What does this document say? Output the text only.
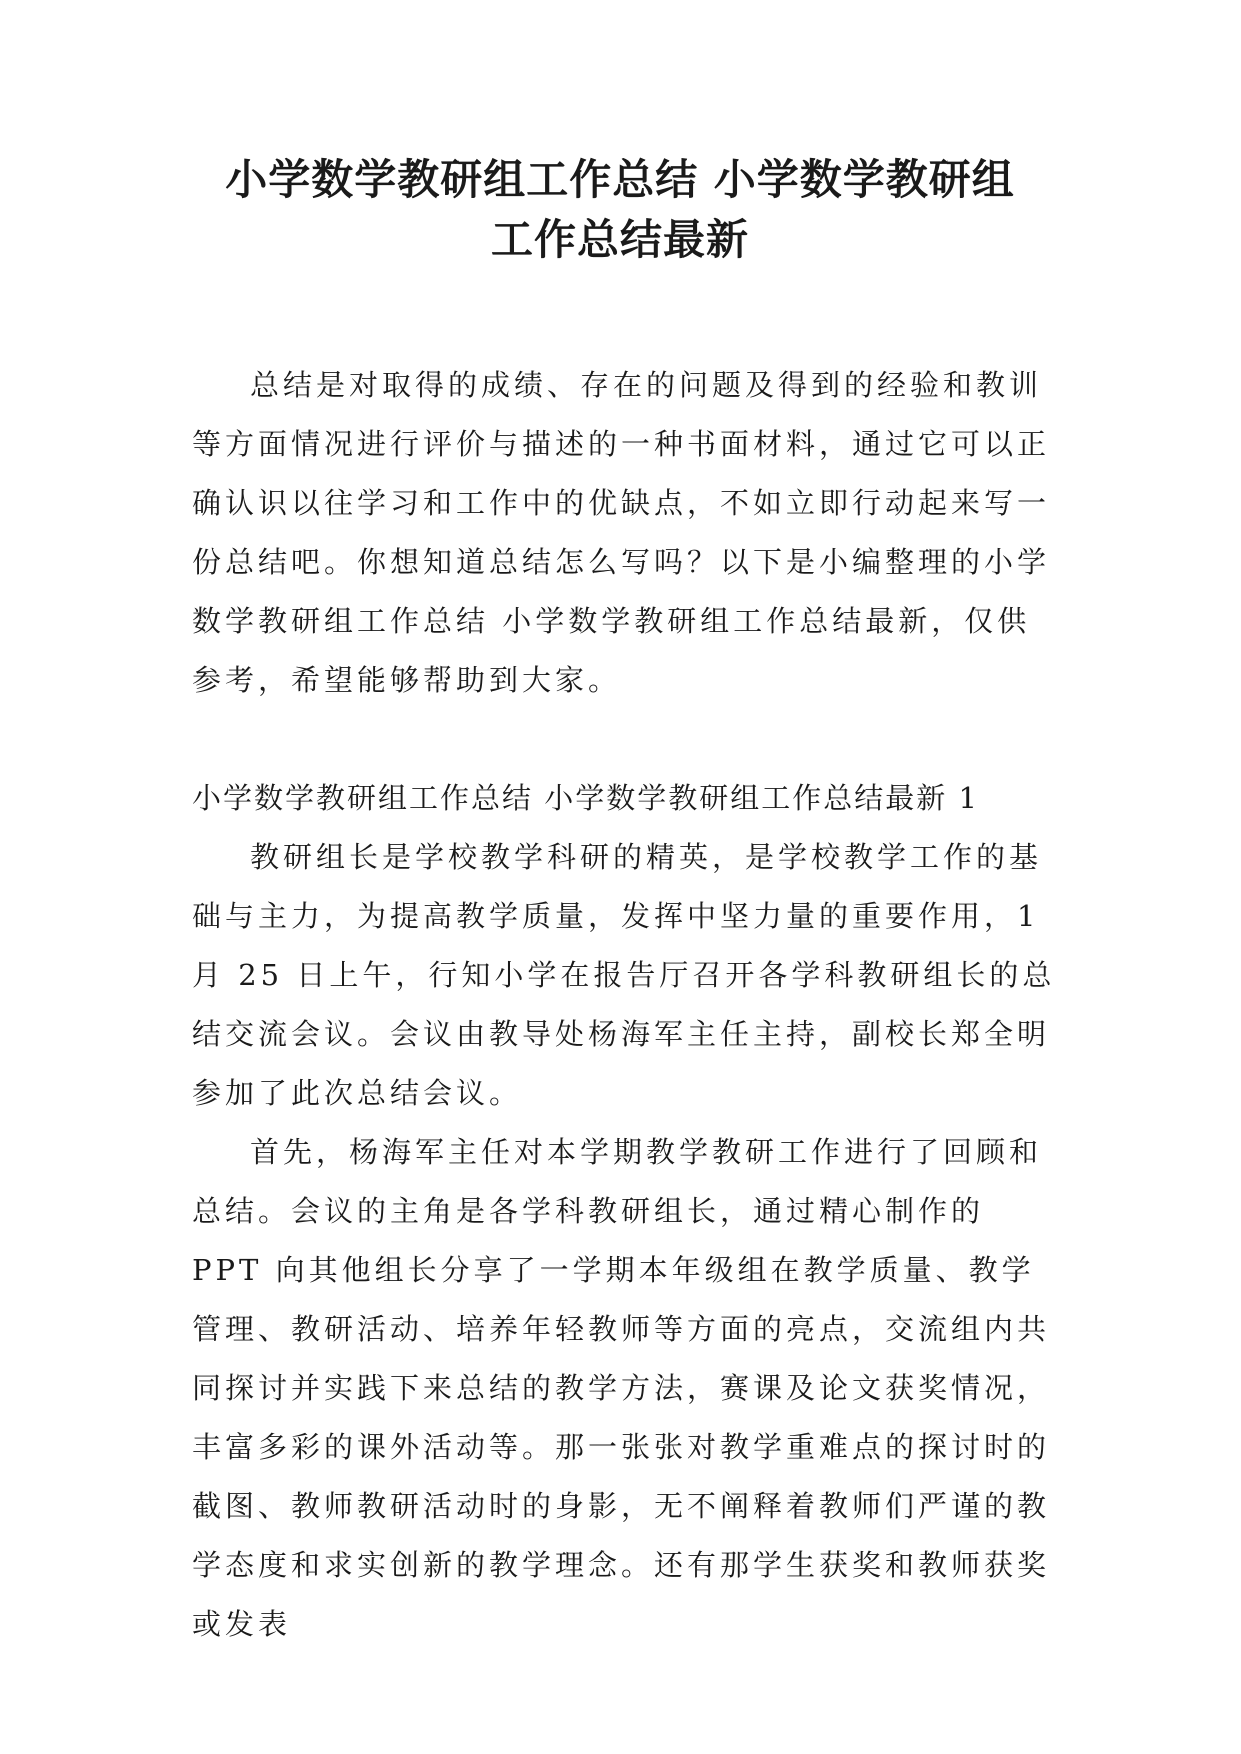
小学数学教研组工作总结 小学数学教研组
工作总结最新

总结是对取得的成绩、存在的问题及得到的经验和教训等方面情况进行评价与描述的一种书面材料，通过它可以正确认识以往学习和工作中的优缺点，不如立即行动起来写一份总结吧。你想知道总结怎么写吗？以下是小编整理的小学数学教研组工作总结 小学数学教研组工作总结最新，仅供参考，希望能够帮助到大家。

小学数学教研组工作总结 小学数学教研组工作总结最新 1

教研组长是学校教学科研的精英，是学校教学工作的基础与主力，为提高教学质量，发挥中坚力量的重要作用，1 月 25 日上午，行知小学在报告厅召开各学科教研组长的总结交流会议。会议由教导处杨海军主任主持，副校长郑全明参加了此次总结会议。

首先，杨海军主任对本学期教学教研工作进行了回顾和总结。会议的主角是各学科教研组长，通过精心制作的 PPT 向其他组长分享了一学期本年级组在教学质量、教学管理、教研活动、培养年轻教师等方面的亮点，交流组内共同探讨并实践下来总结的教学方法，赛课及论文获奖情况，丰富多彩的课外活动等。那一张张对教学重难点的探讨时的截图、教师教研活动时的身影，无不阐释着教师们严谨的教学态度和求实创新的教学理念。还有那学生获奖和教师获奖或发表
